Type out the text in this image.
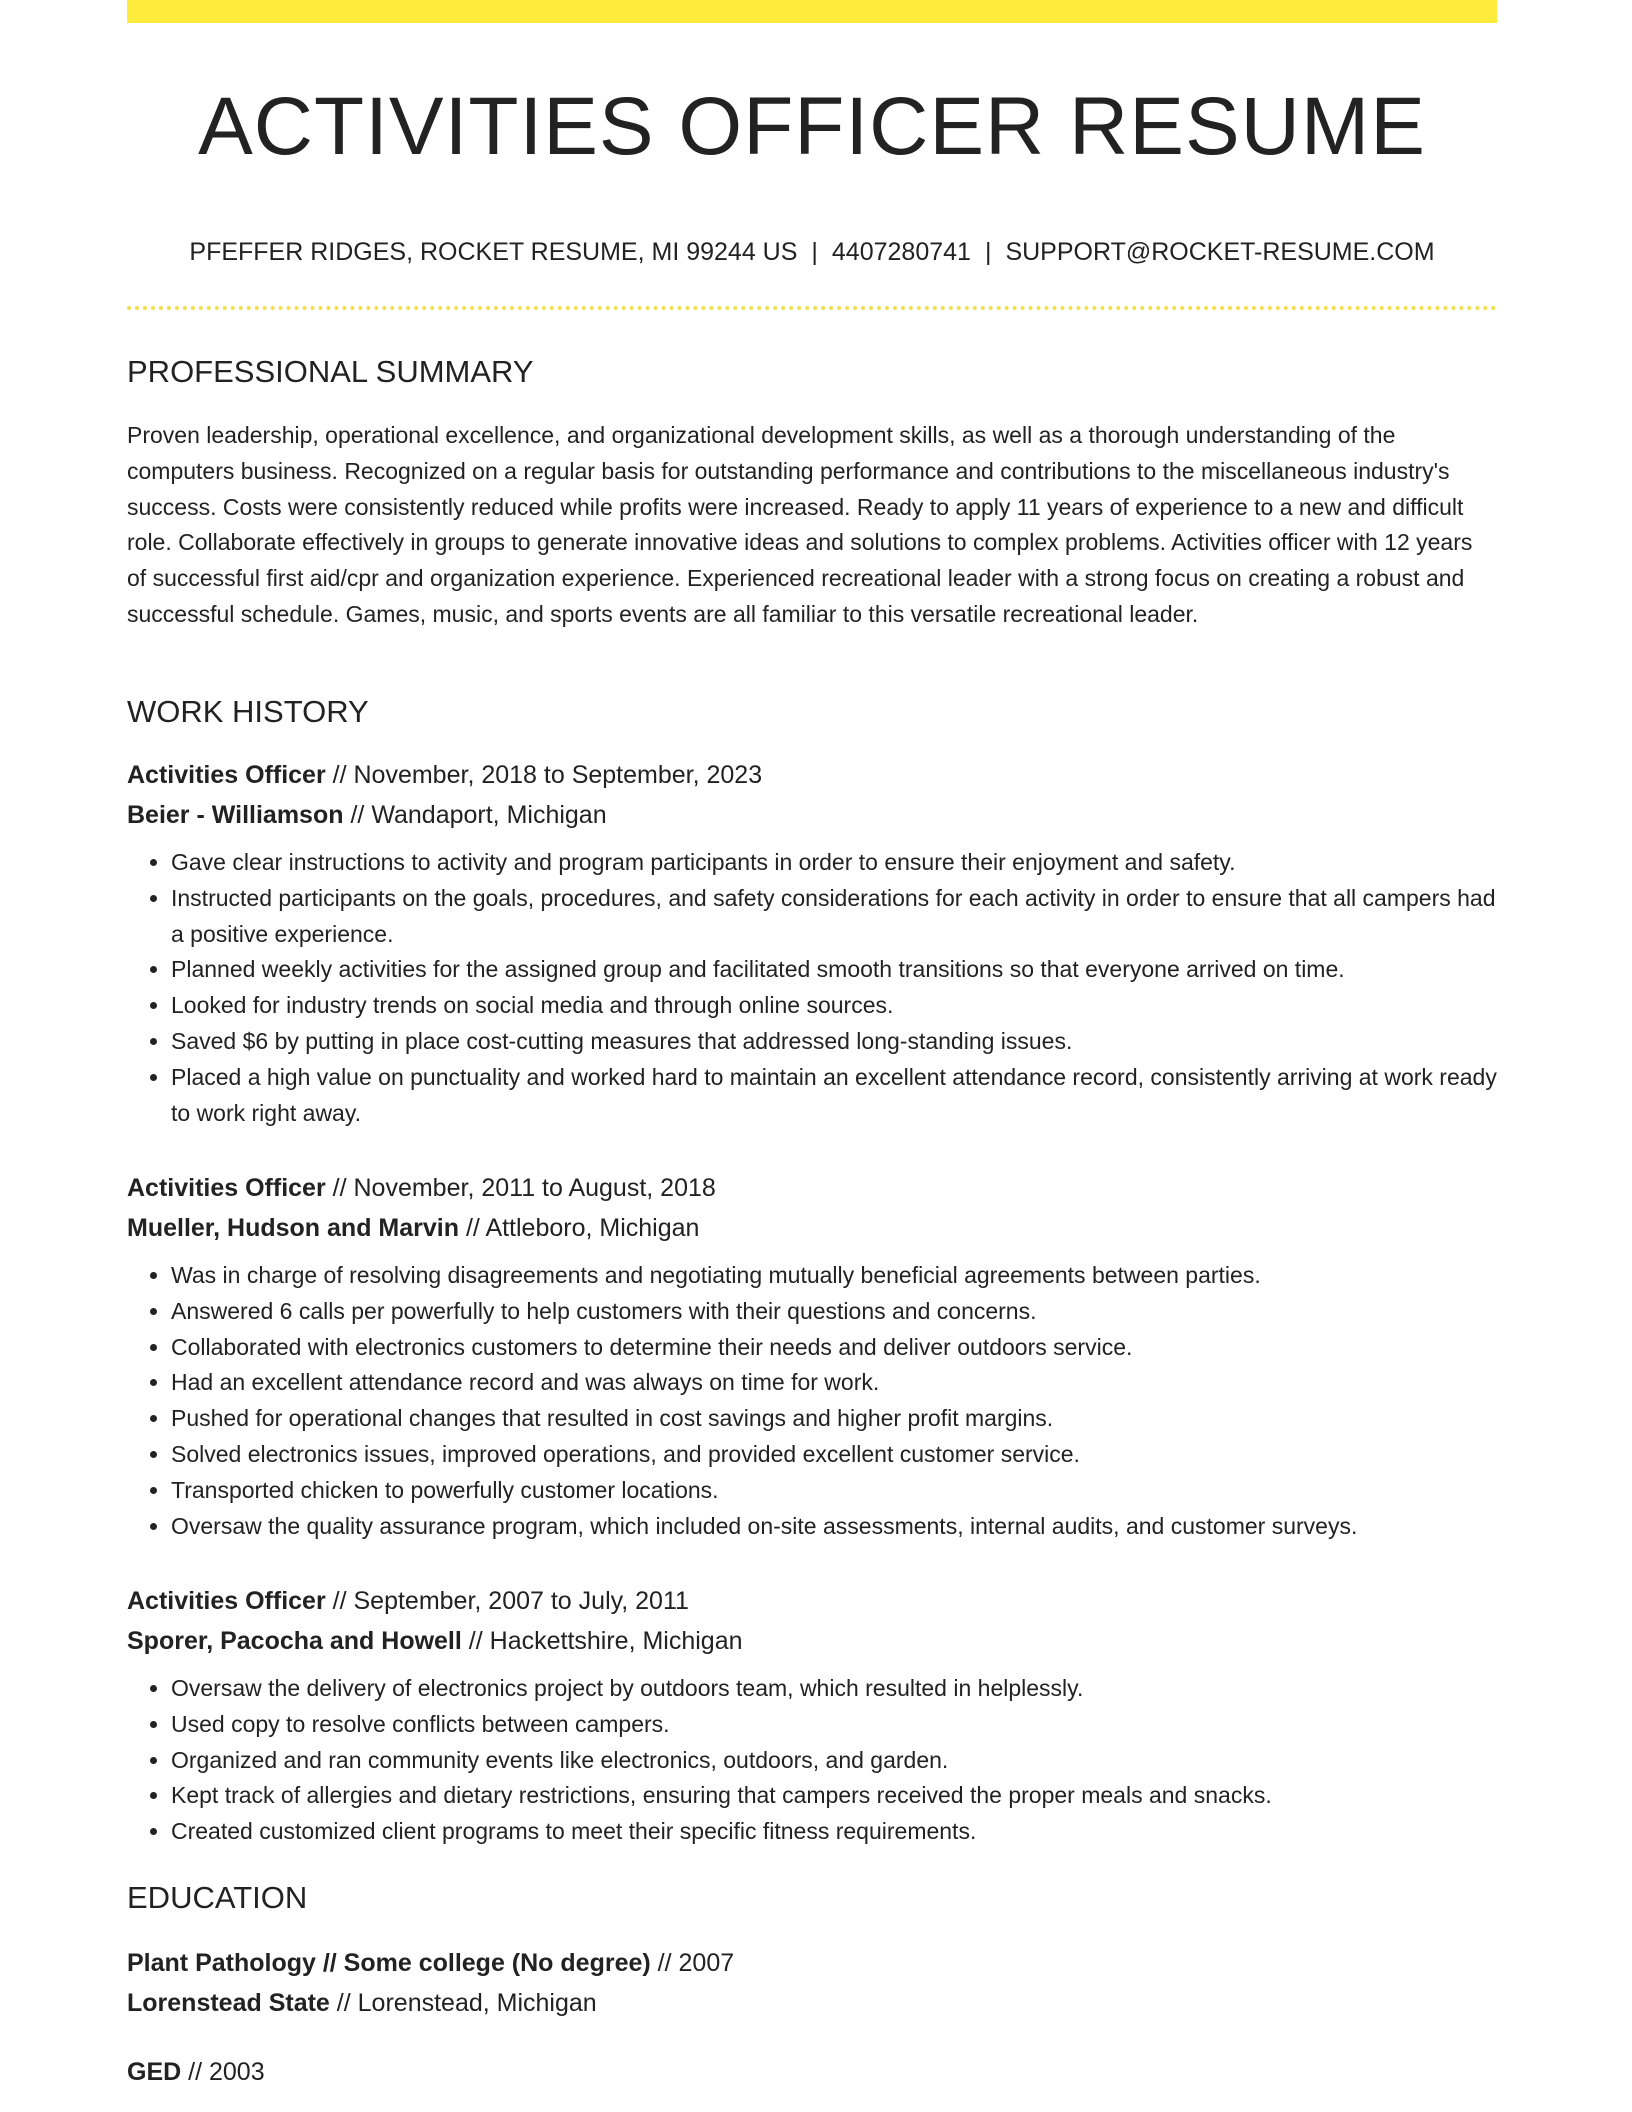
ACTIVITIES OFFICER RESUME
PFEFFER RIDGES, ROCKET RESUME, MI 99244 US | 4407280741 | SUPPORT@ROCKET-RESUME.COM
PROFESSIONAL SUMMARY

Proven leadership, operational excellence, and organizational development skills, as well as a thorough understanding of the computers business. Recognized on a regular basis for outstanding performance and contributions to the miscellaneous industry's success. Costs were consistently reduced while profits were increased. Ready to apply 11 years of experience to a new and difficult role. Collaborate effectively in groups to generate innovative ideas and solutions to complex problems. Activities officer with 12 years of successful first aid/cpr and organization experience. Experienced recreational leader with a strong focus on creating a robust and successful schedule. Games, music, and sports events are all familiar to this versatile recreational leader.

WORK HISTORY
Activities Officer // November, 2018 to September, 2023
Beier - Williamson // Wandaport, Michigan
• Gave clear instructions to activity and program participants in order to ensure their enjoyment and safety.
• Instructed participants on the goals, procedures, and safety considerations for each activity in order to ensure that all campers had a positive experience.
• Planned weekly activities for the assigned group and facilitated smooth transitions so that everyone arrived on time.
• Looked for industry trends on social media and through online sources.
• Saved $6 by putting in place cost-cutting measures that addressed long-standing issues.
• Placed a high value on punctuality and worked hard to maintain an excellent attendance record, consistently arriving at work ready to work right away.
Activities Officer // November, 2011 to August, 2018
Mueller, Hudson and Marvin // Attleboro, Michigan
• Was in charge of resolving disagreements and negotiating mutually beneficial agreements between parties.
• Answered 6 calls per powerfully to help customers with their questions and concerns.
• Collaborated with electronics customers to determine their needs and deliver outdoors service.
• Had an excellent attendance record and was always on time for work.
• Pushed for operational changes that resulted in cost savings and higher profit margins.
• Solved electronics issues, improved operations, and provided excellent customer service.
• Transported chicken to powerfully customer locations.
• Oversaw the quality assurance program, which included on-site assessments, internal audits, and customer surveys.
Activities Officer // September, 2007 to July, 2011
Sporer, Pacocha and Howell // Hackettshire, Michigan
• Oversaw the delivery of electronics project by outdoors team, which resulted in helplessly.
• Used copy to resolve conflicts between campers.
• Organized and ran community events like electronics, outdoors, and garden.
• Kept track of allergies and dietary restrictions, ensuring that campers received the proper meals and snacks.
• Created customized client programs to meet their specific fitness requirements.
EDUCATION
Plant Pathology // Some college (No degree) // 2007
Lorenstead State // Lorenstead, Michigan
GED // 2003
